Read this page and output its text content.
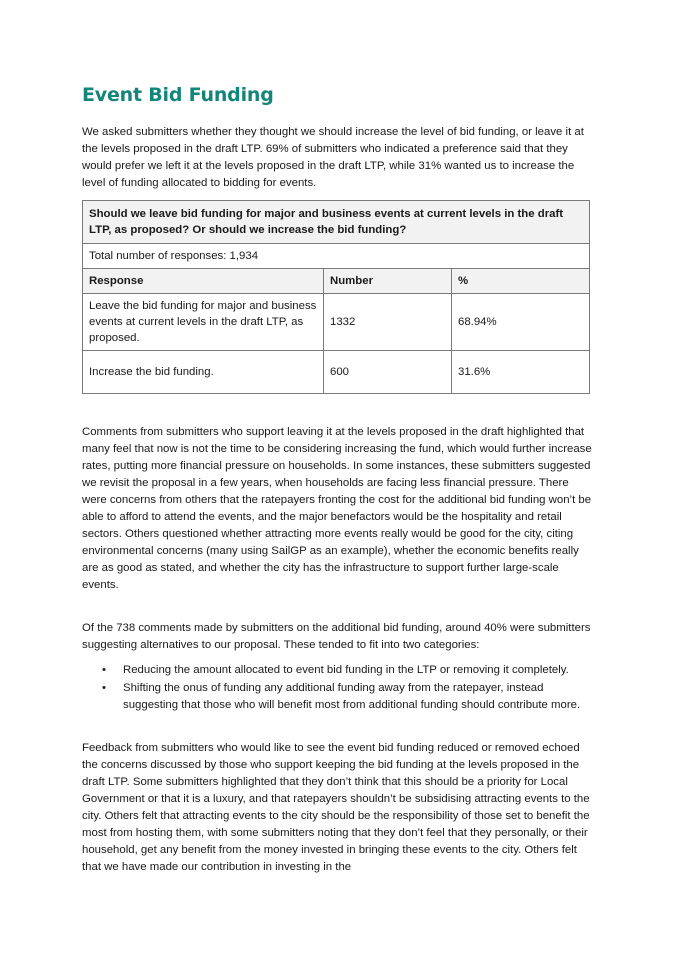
Event Bid Funding

We asked submitters whether they thought we should increase the level of bid funding, or leave it at the levels proposed in the draft LTP. 69% of submitters who indicated a preference said that they would prefer we left it at the levels proposed in the draft LTP, while 31% wanted us to increase the level of funding allocated to bidding for events.

Should we leave bid funding for major and business events at current levels in the draft LTP, as proposed? Or should we increase the bid funding?		
Total number of responses: 1,934		
Response	Number	%
Leave the bid funding for major and business events at current levels in the draft LTP, as proposed.	1332	68.94%
Increase the bid funding.	600	31.6%

Comments from submitters who support leaving it at the levels proposed in the draft highlighted that many feel that now is not the time to be considering increasing the fund, which would further increase rates, putting more financial pressure on households. In some instances, these submitters suggested we revisit the proposal in a few years, when households are facing less financial pressure. There were concerns from others that the ratepayers fronting the cost for the additional bid funding won’t be able to afford to attend the events, and the major benefactors would be the hospitality and retail sectors. Others questioned whether attracting more events really would be good for the city, citing environmental concerns (many using SailGP as an example), whether the economic benefits really are as good as stated, and whether the city has the infrastructure to support further large-scale events.

Of the 738 comments made by submitters on the additional bid funding, around 40% were submitters suggesting alternatives to our proposal. These tended to fit into two categories:

• Reducing the amount allocated to event bid funding in the LTP or removing it completely.
• Shifting the onus of funding any additional funding away from the ratepayer, instead suggesting that those who will benefit most from additional funding should contribute more.

Feedback from submitters who would like to see the event bid funding reduced or removed echoed the concerns discussed by those who support keeping the bid funding at the levels proposed in the draft LTP. Some submitters highlighted that they don’t think that this should be a priority for Local Government or that it is a luxury, and that ratepayers shouldn’t be subsidising attracting events to the city. Others felt that attracting events to the city should be the responsibility of those set to benefit the most from hosting them, with some submitters noting that they don’t feel that they personally, or their household, get any benefit from the money invested in bringing these events to the city. Others felt that we have made our contribution in investing in the
